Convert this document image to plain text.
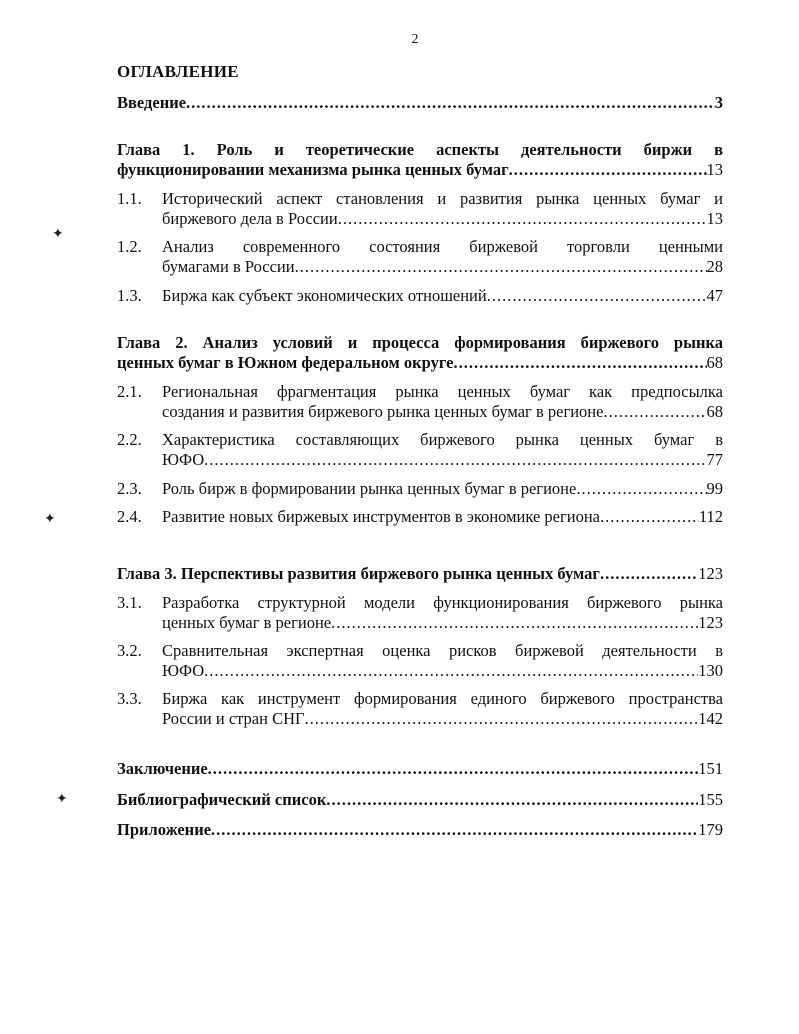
2
ОГЛАВЛЕНИЕ
Введение .....	3
Глава 1. Роль и теоретические аспекты деятельности биржи в
функционировании механизма рынка ценных бумаг .....	13
1.1. Исторический аспект становления и развития рынка ценных бумаг и
биржевого дела в России .....	13
1.2. Анализ современного состояния биржевой торговли ценными
бумагами в России .....	28
1.3. Биржа как субъект экономических отношений .....	47
Глава 2. Анализ условий и процесса формирования биржевого рынка
ценных бумаг в Южном федеральном округе .....	68
2.1. Региональная фрагментация рынка ценных бумаг как предпосылка
создания и развития биржевого рынка ценных бумаг в регионе .....	68
2.2. Характеристика составляющих биржевого рынка ценных бумаг в
ЮФО .....	77
2.3. Роль бирж в формировании рынка ценных бумаг в регионе .....	99
2.4. Развитие новых биржевых инструментов в экономике региона .....	112
Глава 3. Перспективы развития биржевого рынка ценных бумаг .....	123
3.1. Разработка структурной модели функционирования биржевого рынка
ценных бумаг в регионе .....	123
3.2. Сравнительная экспертная оценка рисков биржевой деятельности в
ЮФО .....	130
3.3. Биржа как инструмент формирования единого биржевого пространства
России и стран СНГ .....	142
Заключение .....	151
Библиографический список .....	155
Приложение .....	179
✦
✦
✦
